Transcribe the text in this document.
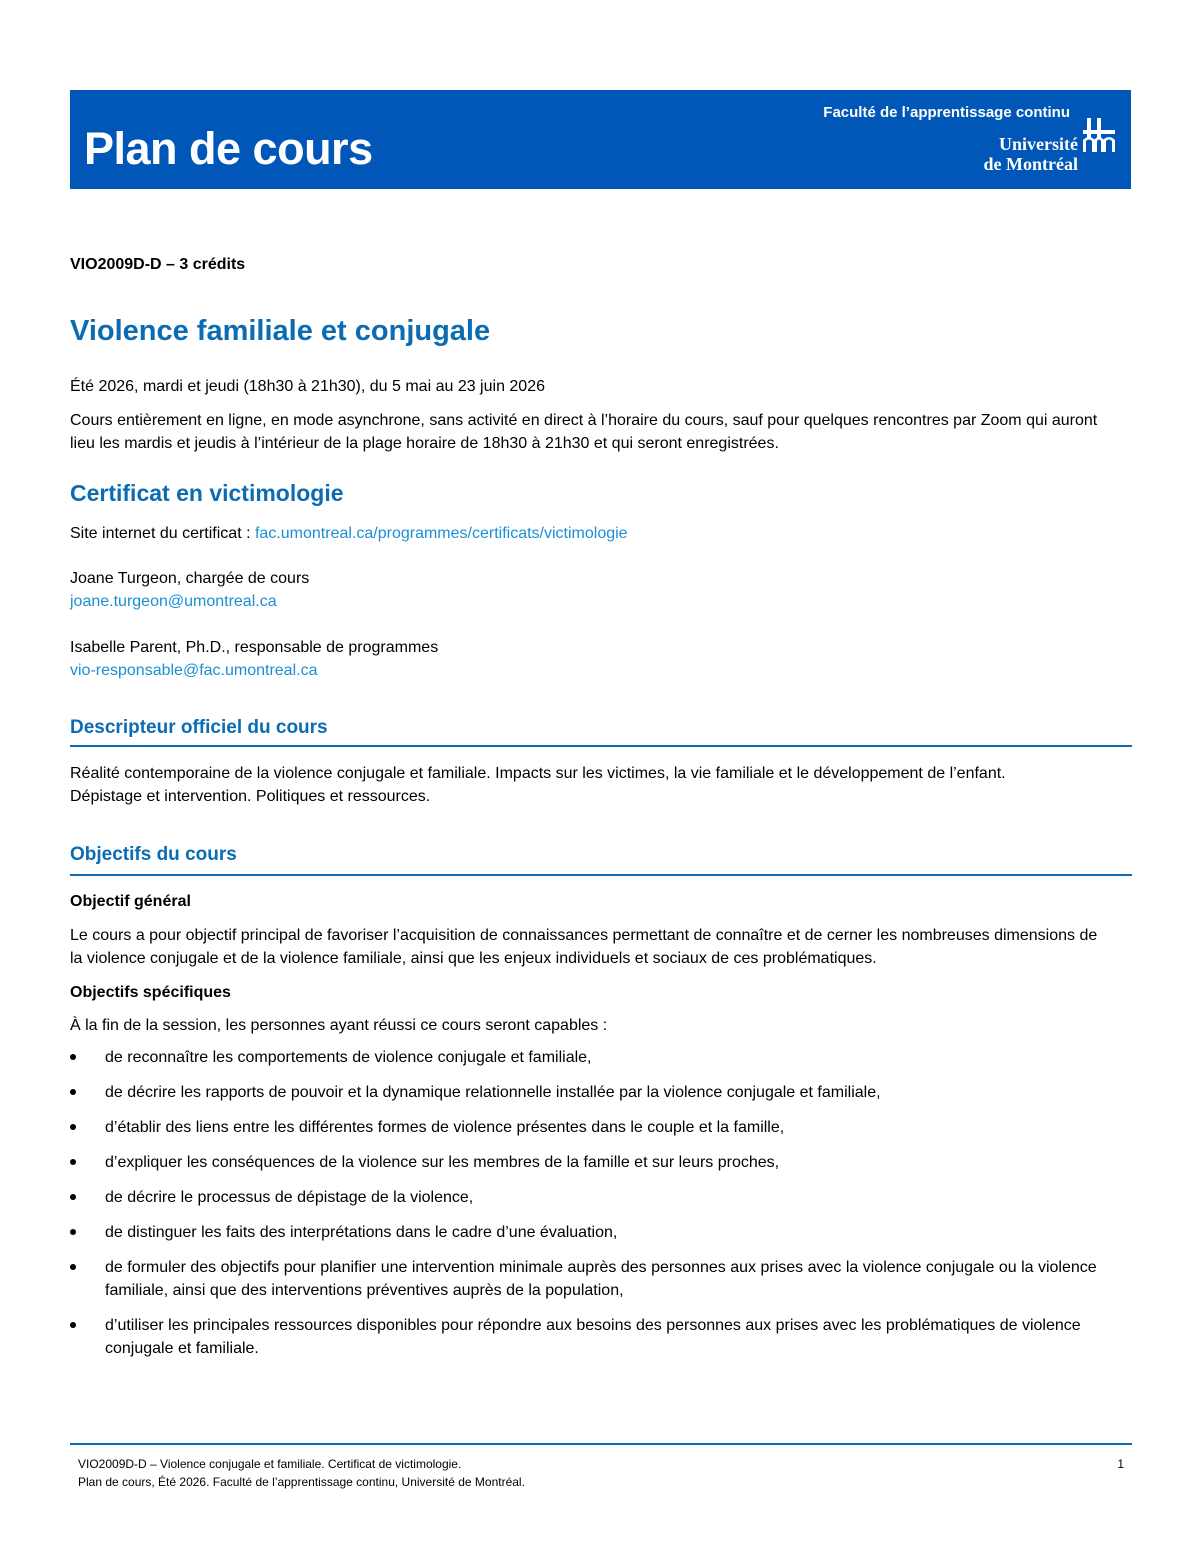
Plan de cours
Faculté de l’apprentissage continu
Université
de Montréal
VIO2009D-D – 3 crédits
Violence familiale et conjugale
Été 2026, mardi et jeudi (18h30 à 21h30), du 5 mai au 23 juin 2026
Cours entièrement en ligne, en mode asynchrone, sans activité en direct à l’horaire du cours, sauf pour quelques rencontres par Zoom qui auront
lieu les mardis et jeudis à l’intérieur de la plage horaire de 18h30 à 21h30 et qui seront enregistrées.
Certificat en victimologie
Site internet du certificat : fac.umontreal.ca/programmes/certificats/victimologie
Joane Turgeon, chargée de cours
joane.turgeon@umontreal.ca
Isabelle Parent, Ph.D., responsable de programmes
vio-responsable@fac.umontreal.ca
Descripteur officiel du cours
Réalité contemporaine de la violence conjugale et familiale. Impacts sur les victimes, la vie familiale et le développement de l’enfant.
Dépistage et intervention. Politiques et ressources.
Objectifs du cours
Objectif général
Le cours a pour objectif principal de favoriser l’acquisition de connaissances permettant de connaître et de cerner les nombreuses dimensions de
la violence conjugale et de la violence familiale, ainsi que les enjeux individuels et sociaux de ces problématiques.
Objectifs spécifiques
À la fin de la session, les personnes ayant réussi ce cours seront capables :
de reconnaître les comportements de violence conjugale et familiale,
de décrire les rapports de pouvoir et la dynamique relationnelle installée par la violence conjugale et familiale,
d’établir des liens entre les différentes formes de violence présentes dans le couple et la famille,
d’expliquer les conséquences de la violence sur les membres de la famille et sur leurs proches,
de décrire le processus de dépistage de la violence,
de distinguer les faits des interprétations dans le cadre d’une évaluation,
de formuler des objectifs pour planifier une intervention minimale auprès des personnes aux prises avec la violence conjugale ou la violence familiale, ainsi que des interventions préventives auprès de la population,
d’utiliser les principales ressources disponibles pour répondre aux besoins des personnes aux prises avec les problématiques de violence conjugale et familiale.
VIO2009D-D – Violence conjugale et familiale. Certificat de victimologie.
Plan de cours, Été 2026. Faculté de l’apprentissage continu, Université de Montréal.
1
